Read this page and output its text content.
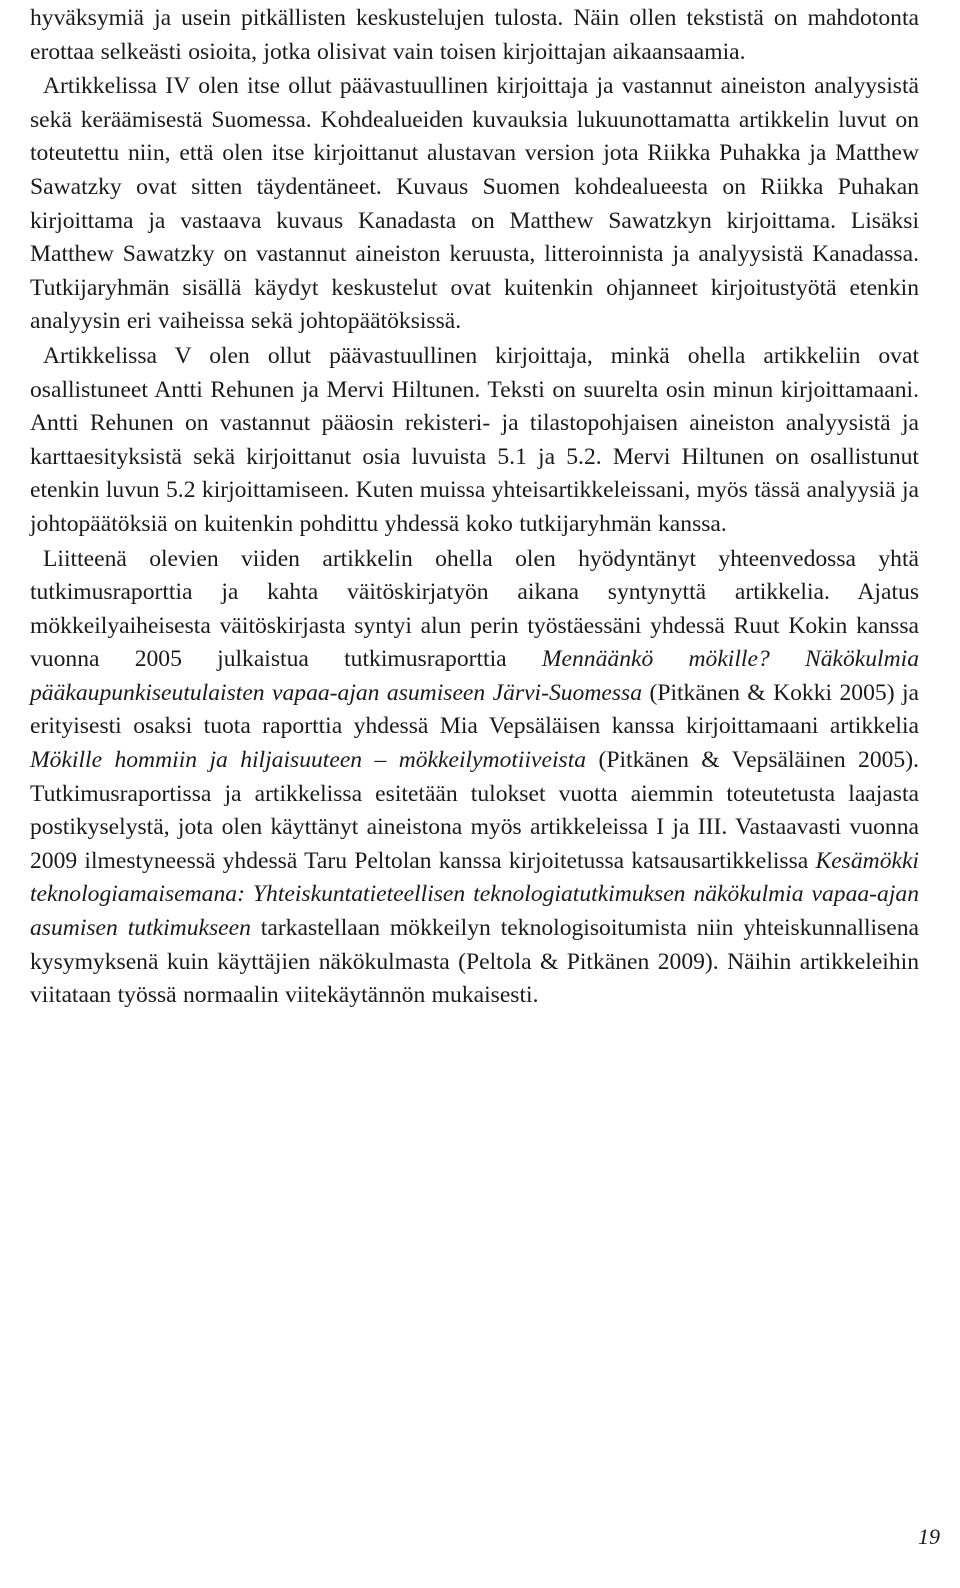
hyväksymiä ja usein pitkällisten keskustelujen tulosta. Näin ollen tekstistä on mahdotonta erottaa selkeästi osioita, jotka olisivat vain toisen kirjoittajan aikaansaamia.

Artikkelissa IV olen itse ollut päävastuullinen kirjoittaja ja vastannut aineiston analyysistä sekä keräämisestä Suomessa. Kohdealueiden kuvauksia lukuunottamatta artikkelin luvut on toteutettu niin, että olen itse kirjoittanut alustavan version jota Riikka Puhakka ja Matthew Sawatzky ovat sitten täydentäneet. Kuvaus Suomen kohdealueesta on Riikka Puhakan kirjoittama ja vastaava kuvaus Kanadasta on Matthew Sawatzkyn kirjoittama. Lisäksi Matthew Sawatzky on vastannut aineiston keruusta, litteroinnista ja analyysistä Kanadassa. Tutkijaryhmän sisällä käydyt keskustelut ovat kuitenkin ohjanneet kirjoitustyötä etenkin analyysin eri vaiheissa sekä johtopäätöksissä.

Artikkelissa V olen ollut päävastuullinen kirjoittaja, minkä ohella artikkeliin ovat osallistuneet Antti Rehunen ja Mervi Hiltunen. Teksti on suurelta osin minun kirjoittamaani. Antti Rehunen on vastannut pääosin rekisteri- ja tilastopohjaisen aineiston analyysistä ja karttaesityksistä sekä kirjoittanut osia luvuista 5.1 ja 5.2. Mervi Hiltunen on osallistunut etenkin luvun 5.2 kirjoittamiseen. Kuten muissa yhteisartikkeleissani, myös tässä analyysiä ja johtopäätöksiä on kuitenkin pohdittu yhdessä koko tutkijaryhmän kanssa.

Liitteenä olevien viiden artikkelin ohella olen hyödyntänyt yhteenvedossa yhtä tutkimusraporttia ja kahta väitöskirjatyön aikana syntynyttä artikkelia. Ajatus mökkeilyaiheisesta väitöskirjasta syntyi alun perin työstäessäni yhdessä Ruut Kokin kanssa vuonna 2005 julkaistua tutkimusraporttia Mennäänkö mökille? Näkökulmia pääkaupunkiseutulaisten vapaa-ajan asumiseen Järvi-Suomessa (Pitkänen & Kokki 2005) ja erityisesti osaksi tuota raporttia yhdessä Mia Vepsäläisen kanssa kirjoittamaani artikkelia Mökille hommiin ja hiljaisuuteen – mökkeilymotiiveista (Pitkänen & Vepsäläinen 2005). Tutkimusraportissa ja artikkelissa esitetään tulokset vuotta aiemmin toteutetusta laajasta postikyselystä, jota olen käyttänyt aineistona myös artikkeleissa I ja III. Vastaavasti vuonna 2009 ilmestyneessä yhdessä Taru Peltolan kanssa kirjoitetussa katsausartikkelissa Kesämökki teknologiamaisemana: Yhteiskuntatieteellisen teknologiatutkimuksen näkökulmia vapaa-ajan asumisen tutkimukseen tarkastellaan mökkeilyn teknologisoitumista niin yhteiskunnallisena kysymyksenä kuin käyttäjien näkökulmasta (Peltola & Pitkänen 2009). Näihin artikkeleihin viitataan työssä normaalin viitekäytännön mukaisesti.

19
